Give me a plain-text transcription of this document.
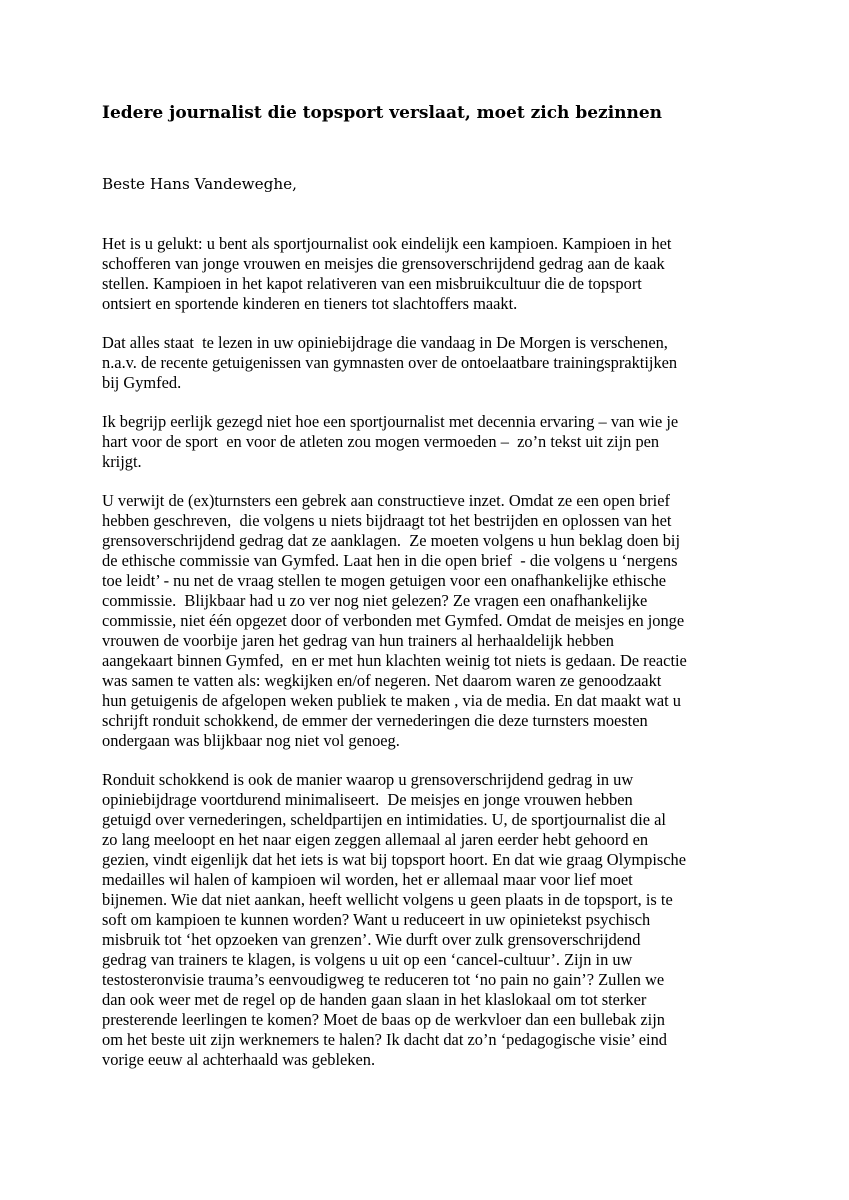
Iedere journalist die topsport verslaat, moet zich bezinnen

Beste Hans Vandeweghe,

Het is u gelukt: u bent als sportjournalist ook eindelijk een kampioen. Kampioen in het
schofferen van jonge vrouwen en meisjes die grensoverschrijdend gedrag aan de kaak
stellen. Kampioen in het kapot relativeren van een misbruikcultuur die de topsport
ontsiert en sportende kinderen en tieners tot slachtoffers maakt.

Dat alles staat  te lezen in uw opiniebijdrage die vandaag in De Morgen is verschenen,
n.a.v. de recente getuigenissen van gymnasten over de ontoelaatbare trainingspraktijken
bij Gymfed.

Ik begrijp eerlijk gezegd niet hoe een sportjournalist met decennia ervaring – van wie je
hart voor de sport  en voor de atleten zou mogen vermoeden –  zo’n tekst uit zijn pen
krijgt.

U verwijt de (ex)turnsters een gebrek aan constructieve inzet. Omdat ze een open brief
hebben geschreven,  die volgens u niets bijdraagt tot het bestrijden en oplossen van het
grensoverschrijdend gedrag dat ze aanklagen.  Ze moeten volgens u hun beklag doen bij
de ethische commissie van Gymfed. Laat hen in die open brief  - die volgens u ‘nergens
toe leidt’ - nu net de vraag stellen te mogen getuigen voor een onafhankelijke ethische
commissie.  Blijkbaar had u zo ver nog niet gelezen? Ze vragen een onafhankelijke
commissie, niet één opgezet door of verbonden met Gymfed. Omdat de meisjes en jonge
vrouwen de voorbije jaren het gedrag van hun trainers al herhaaldelijk hebben
aangekaart binnen Gymfed,  en er met hun klachten weinig tot niets is gedaan. De reactie
was samen te vatten als: wegkijken en/of negeren. Net daarom waren ze genoodzaakt
hun getuigenis de afgelopen weken publiek te maken , via de media. En dat maakt wat u
schrijft ronduit schokkend, de emmer der vernederingen die deze turnsters moesten
ondergaan was blijkbaar nog niet vol genoeg.

Ronduit schokkend is ook de manier waarop u grensoverschrijdend gedrag in uw
opiniebijdrage voortdurend minimaliseert.  De meisjes en jonge vrouwen hebben
getuigd over vernederingen, scheldpartijen en intimidaties. U, de sportjournalist die al
zo lang meeloopt en het naar eigen zeggen allemaal al jaren eerder hebt gehoord en
gezien, vindt eigenlijk dat het iets is wat bij topsport hoort. En dat wie graag Olympische
medailles wil halen of kampioen wil worden, het er allemaal maar voor lief moet
bijnemen. Wie dat niet aankan, heeft wellicht volgens u geen plaats in de topsport, is te
soft om kampioen te kunnen worden? Want u reduceert in uw opinietekst psychisch
misbruik tot ‘het opzoeken van grenzen’. Wie durft over zulk grensoverschrijdend
gedrag van trainers te klagen, is volgens u uit op een ‘cancel-cultuur’. Zijn in uw
testosteronvisie trauma’s eenvoudigweg te reduceren tot ‘no pain no gain’? Zullen we
dan ook weer met de regel op de handen gaan slaan in het klaslokaal om tot sterker
presterende leerlingen te komen? Moet de baas op de werkvloer dan een bullebak zijn
om het beste uit zijn werknemers te halen? Ik dacht dat zo’n ‘pedagogische visie’ eind
vorige eeuw al achterhaald was gebleken.
